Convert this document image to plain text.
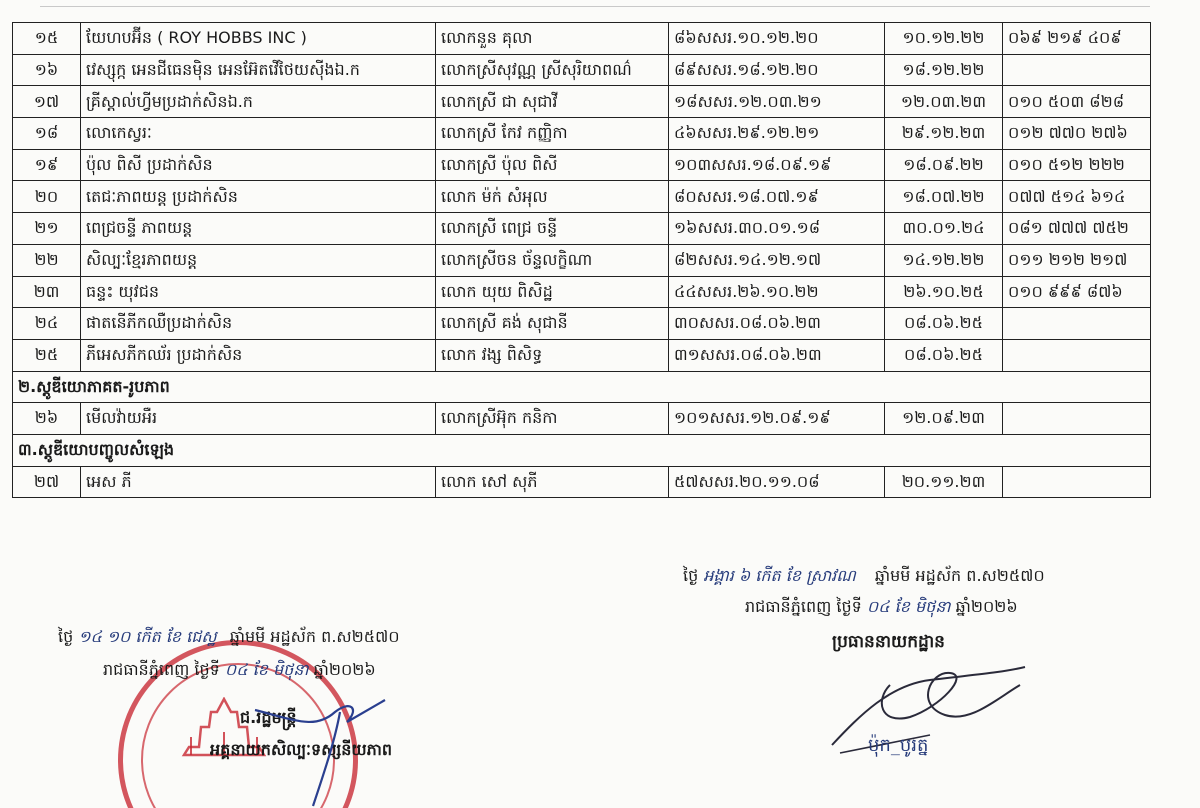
១៥	យែហបអ៊ីន ( ROY HOBBS INC )	លោកនួន គុលា	៨៦សសរ.១០.១២.២០	១០.១២.២២	០៦៩ ២១៩ ៤០៩
១៦	វេស្សុក្ក អេនជីធេនម៉ិន អេនអ៊ែតវើថៃយស៊ីងឯ.ក	លោកស្រីសុវណ្ណ ស្រីសុរិយាពណ៌	៨៩សសរ.១៨.១២.២០	១៨.១២.២២	
១៧	គ្រីស្តាល់ហ្វីមប្រដាក់សិនឯ.ក	លោកស្រី ជា សុជាវី	១៨សសរ.១២.០៣.២១	១២.០៣.២៣	០១០ ៥០៣ ៨២៨
១៨	លោកេស្វរៈ	លោកស្រី កែវ កញ្ញិកា	៤៦សសរ.២៩.១២.២១	២៩.១២.២៣	០១២ ៧៧០ ២៧៦
១៩	ប៉ុល ពិសី ប្រដាក់សិន	លោកស្រី ប៉ុល ពិសី	១០៣សសរ.១៨.០៩.១៩	១៨.០៩.២២	០១០ ៥១២ ២២២
២០	តេជៈភាពយន្ត ប្រដាក់សិន	លោក ម៉ក់ សំអុល	៨០សសរ.១៨.០៧.១៩	១៨.០៧.២២	០៧៧ ៥១៤ ៦១៤
២១	ពេជ្រចន្ទី ភាពយន្ត	លោកស្រី ពេជ្រ ចន្ទី	១៦សសរ.៣០.០១.១៨	៣០.០១.២៤	០៨១ ៧៧៧ ៧៥២
២២	សិល្បៈខ្មែរភាពយន្ត	លោកស្រីចន ច័ន្ទលក្ខិណា	៨២សសរ.១៤.១២.១៧	១៤.១២.២២	០១១ ២១២ ២១៧
២៣	ធន្ទះ យុវជន	លោក យុយ ពិសិដ្ឋ	៤៤សសរ.២៦.១០.២២	២៦.១០.២៥	០១០ ៩៩៩ ៨៧៦
២៤	ផាតនើភីកឈឺប្រដាក់សិន	លោកស្រី គង់ សុជានី	៣០សសរ.០៨.០៦.២៣	០៨.០៦.២៥	
២៥	ភីអេសភីកឈ័រ ប្រដាក់សិន	លោក វង្ស ពិសិទ្ធ	៣១សសរ.០៨.០៦.២៣	០៨.០៦.២៥	
២.ស្ដូឌីយោភាគត-រូបភាព					
២៦	មើលវ៉ាយអឺរ	លោកស្រីអ៊ុក កនិកា	១០១សសរ.១២.០៩.១៩	១២.០៩.២៣	
៣.ស្ដូឌីយោបញ្ចូលសំឡេង					
២៧	អេស ភី	លោក សៅ សុភី	៥៧សសរ.២០.១១.០៨	២០.១១.២៣	
ថ្ងៃ អង្គារ ៦ កេីត ខែ ស្រាវណ ឆ្នាំមមី អដ្ឋស័ក ព.ស២៥៧០
រាជធានីភ្នំពេញ ថ្ងៃទី ០៤ ខែ មិថុនា ឆ្នាំ២០២៦
ប្រធាននាយកដ្ឋាន
ប៉ុក_បូរត្ន
ថ្ងៃ ១៤ ១០ កេីត ខែ ជេស្ឋ ឆ្នាំមមី អដ្ឋស័ក ព.ស២៥៧០
រាជធានីភ្នំពេញ ថ្ងៃទី ០៤ ខែ មិថុនា ឆ្នាំ២០២៦
ជ.រដ្ឋមន្ត្រី
អគ្គនាយកសិល្បៈទស្សនីយភាព
